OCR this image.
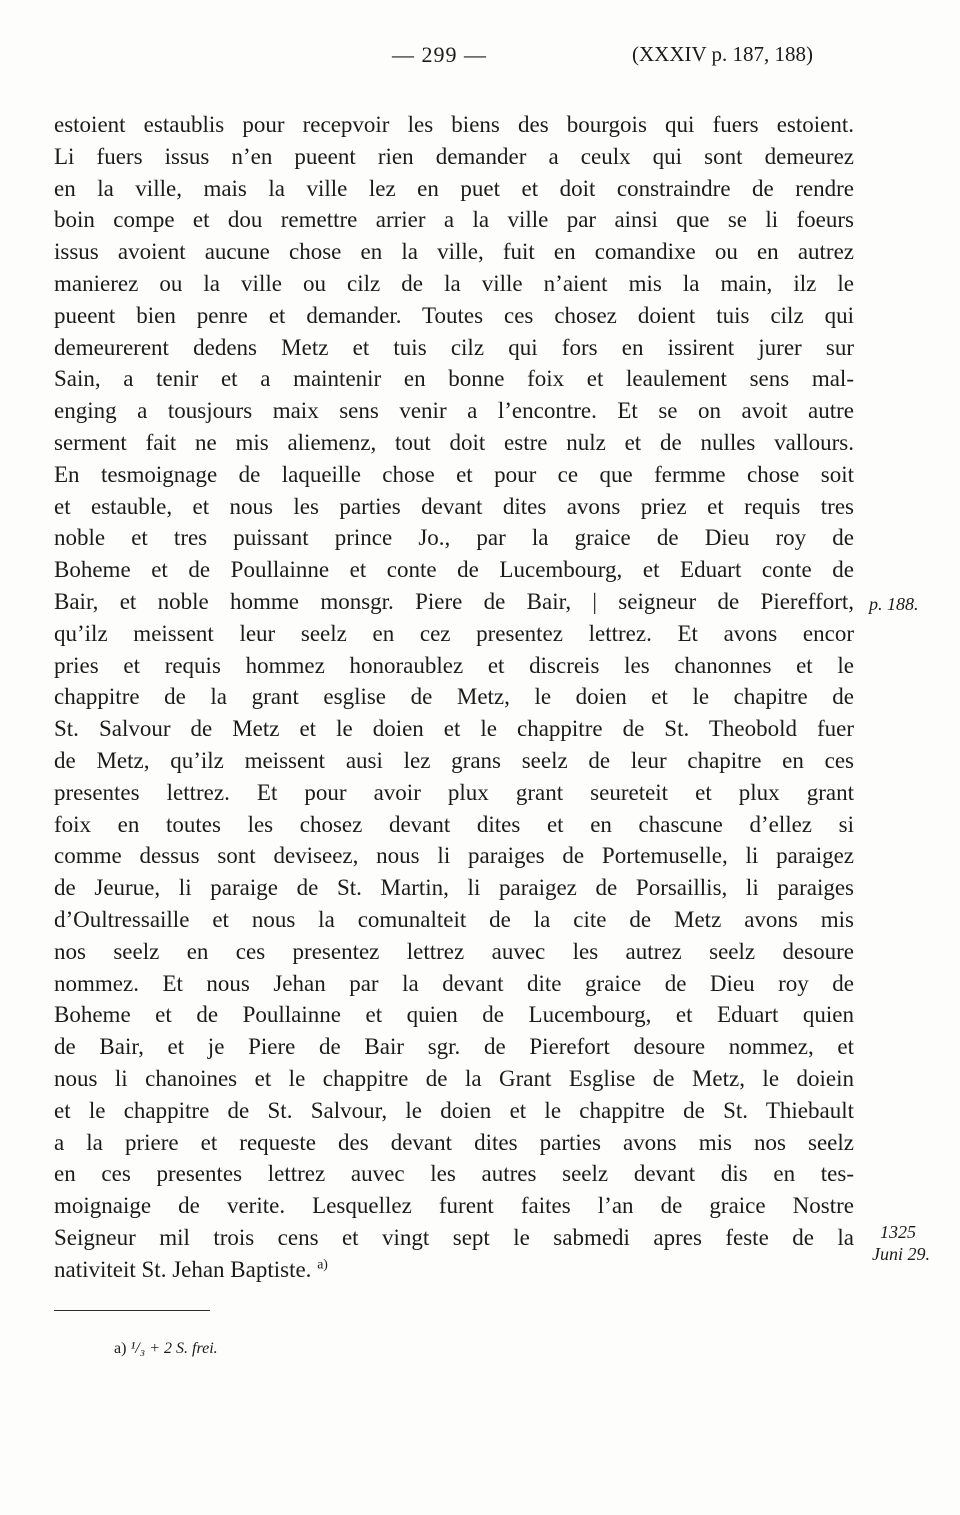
— 299 —	(XXXIV p. 187, 188)
estoient estaublis pour recepvoir les biens des bourgois qui fuers estoient.
Li fuers issus n’en pueent rien demander a ceulx qui sont demeurez
en la ville, mais la ville lez en puet et doit constraindre de rendre
boin compe et dou remettre arrier a la ville par ainsi que se li foeurs
issus avoient aucune chose en la ville, fuit en comandixe ou en autrez
manierez ou la ville ou cilz de la ville n’aient mis la main, ilz le
pueent bien penre et demander. Toutes ces chosez doient tuis cilz qui
demeurerent dedens Metz et tuis cilz qui fors en issirent jurer sur
Sain, a tenir et a maintenir en bonne foix et leaulement sens mal-
enging a tousjours maix sens venir a l’encontre. Et se on avoit autre
serment fait ne mis aliemenz, tout doit estre nulz et de nulles vallours.
En tesmoignage de laqueille chose et pour ce que fermme chose soit
et estauble, et nous les parties devant dites avons priez et requis tres
noble et tres puissant prince Jo., par la graice de Dieu roy de
Boheme et de Poullainne et conte de Lucembourg, et Eduart conte de
Bair, et noble homme monsgr. Piere de Bair, | seigneur de Piereffort,
qu’ilz meissent leur seelz en cez presentez lettrez. Et avons encor
pries et requis hommez honoraublez et discreis les chanonnes et le
chappitre de la grant esglise de Metz, le doien et le chapitre de
St. Salvour de Metz et le doien et le chappitre de St. Theobold fuer
de Metz, qu’ilz meissent ausi lez grans seelz de leur chapitre en ces
presentes lettrez. Et pour avoir plux grant seureteit et plux grant
foix en toutes les chosez devant dites et en chascune d’ellez si
comme dessus sont deviseez, nous li paraiges de Portemuselle, li paraigez
de Jeurue, li paraige de St. Martin, li paraigez de Porsaillis, li paraiges
d’Oultressaille et nous la comunalteit de la cite de Metz avons mis
nos seelz en ces presentez lettrez auvec les autrez seelz desoure
nommez. Et nous Jehan par la devant dite graice de Dieu roy de
Boheme et de Poullainne et quien de Lucembourg, et Eduart quien
de Bair, et je Piere de Bair sgr. de Pierefort desoure nommez, et
nous li chanoines et le chappitre de la Grant Esglise de Metz, le doiein
et le chappitre de St. Salvour, le doien et le chappitre de St. Thiebault
a la priere et requeste des devant dites parties avons mis nos seelz
en ces presentes lettrez auvec les autres seelz devant dis en tes-
moignaige de verite. Lesquellez furent faites l’an de graice Nostre
Seigneur mil trois cens et vingt sept le sabmedi apres feste de la
nativiteit St. Jehan Baptiste. $^{a)}$
p. 188.
1325
Juni 29.
a) ¹/₃ + 2 S. frei.
